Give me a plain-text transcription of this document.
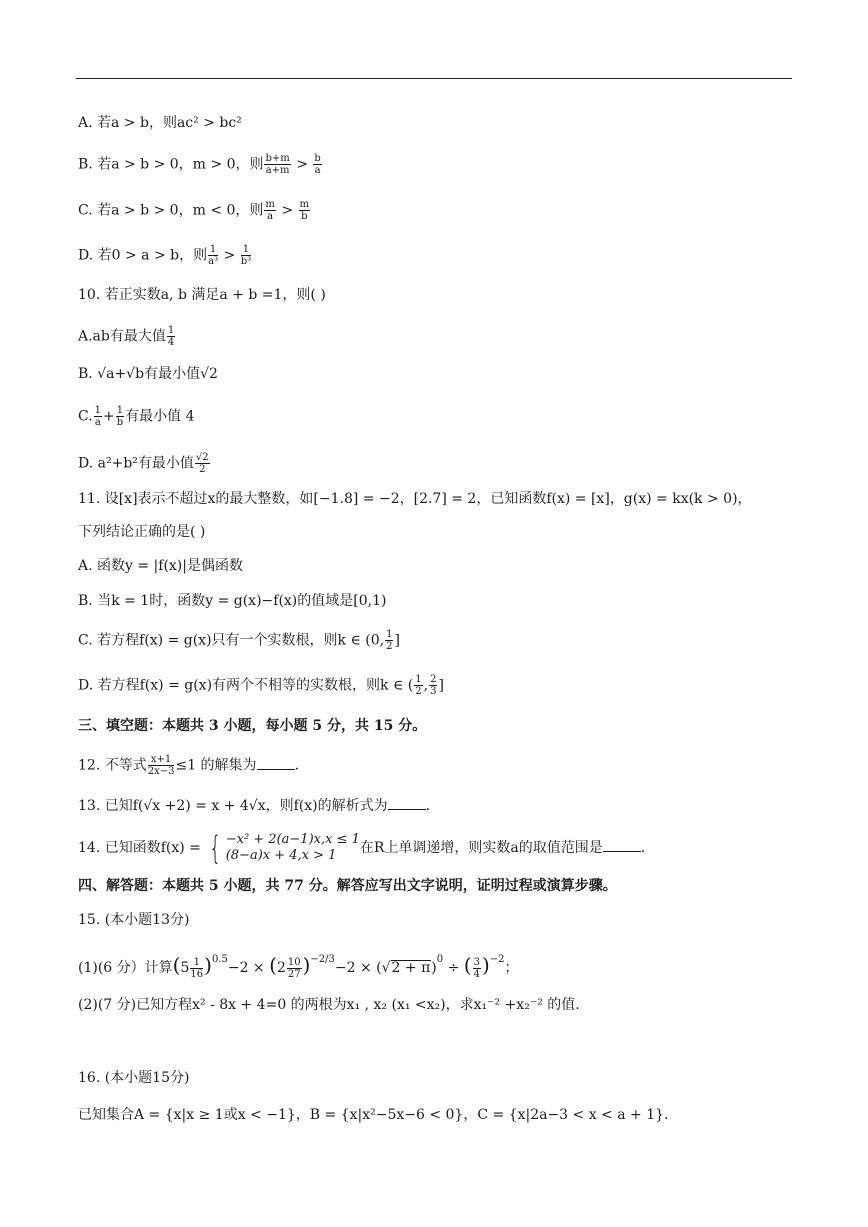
A. 若a > b，则ac² > bc²
B. 若a > b > 0，m > 0，则 $\frac{b+m}{a+m} > \frac{b}{a}$
C. 若a > b > 0，m < 0，则 $\frac{m}{a} > \frac{m}{b}$
D. 若0 > a > b，则 $\frac{1}{\text{a³}} > \frac{1}{\text{b³}}$
10. 若正实数a, b 满足a + b =1，则( )
A.ab有最大值 $\frac{1}{4}$
B. √a+√b有最小值√2
C. $\frac{1}{a} + \frac{1}{b}$ 有最小值 4
D. a²+b²有最小值 $\frac{√2}{2}$
11. 设[x]表示不超过x的最大整数，如[−1.8] = −2，[2.7] = 2，已知函数f(x) = [x]，g(x) = kx(k > 0)，
下列结论正确的是( )
A. 函数y = |f(x)|是偶函数
B. 当k = 1时，函数y = g(x)−f(x)的值域是[0,1)
C. 若方程f(x) = g(x)只有一个实数根，则k ∈ (0, $\frac{1}{2}$ ]
D. 若方程f(x) = g(x)有两个不相等的实数根，则k ∈ ( $\frac{1}{2}$ , $\frac{2}{3}$ ]
三、填空题：本题共 3 小题，每小题 5 分，共 15 分。
12. 不等式 $\frac{x+1}{2x-3} \le 1$ 的解集为	.
13. 已知f(√x +2) = x + 4√x，则f(x)的解析式为	.
14. 已知函数f(x) = { −x² + 2(a−1)x,x ≤ 1
(8−a)x + 4,x > 1	在R上单调递增，则实数a的取值范围是	.
四、解答题：本题共 5 小题，共 77 分。解答应写出文字说明，证明过程或演算步骤。
15. (本小题13分)
(1)(6 分）计算$(5 \frac{1}{16} )0.5-2 \times (2 \frac{10}{27} )-2/3-2 \times (√2 + \pi)0$ ÷ ( $\frac{3}{4} )-2$；
(2)(7 分)已知方程x² - 8x + 4=0 的两根为x₁ , x₂ (x₁ <x₂)，求x₁⁻² +x₂⁻² 的值.
16. (本小题15分)
已知集合A = {x|x ≥ 1或x < −1}，B = {x|x²−5x−6 < 0}，C = {x|2a−3 < x < a + 1}.
